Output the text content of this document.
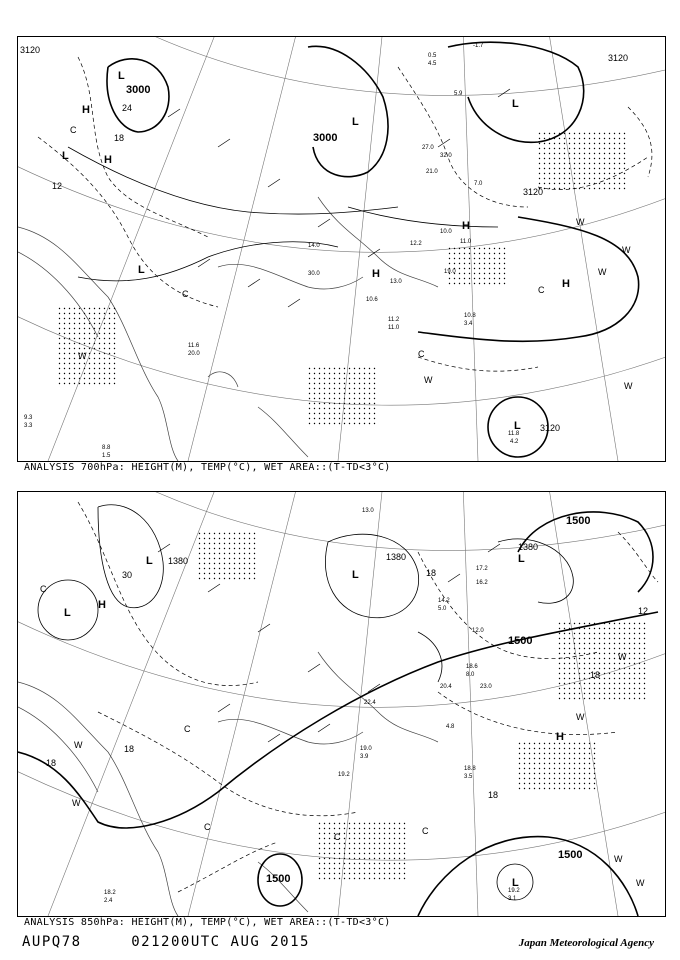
3120
3000
3000
3120
3120
3120
24
18
12
L
H
L	H
L
L
L	H
H
H
L
C
C	C
C
W
W
W
W
W
W
-1.7
0.5
4.5
5.9
32.0
27.0
10.0
19.0
13.0
11.0
11.2
11.0
14.0
30.0
10.8
3.4
11.6
20.0
11.8
4.2
8.8
1.5
9.3
3.3
12.2
10.6
7.0
21.0
ANALYSIS 700hPa: HEIGHT(M), TEMP(°C), WET AREA::(T-TD<3°C)
1500
1500
1500
1500
1380	1380
1380
30	18
18
18
18
18
12
L
H
L
L
L
H
L
C
C
C
C
C
W
W
W
W
W
W
13.0
17.2
16.2
14.2
5.0
12.0
18.6
8.0
20.4
4.8
23.0
19.0
3.9
18.8
3.5
19.2
3.1
18.2
2.4
22.4
19.2
ANALYSIS 850hPa: HEIGHT(M), TEMP(°C), WET AREA::(T-TD<3°C)
AUPQ78	021200UTC AUG 2015	Japan Meteorological Agency
